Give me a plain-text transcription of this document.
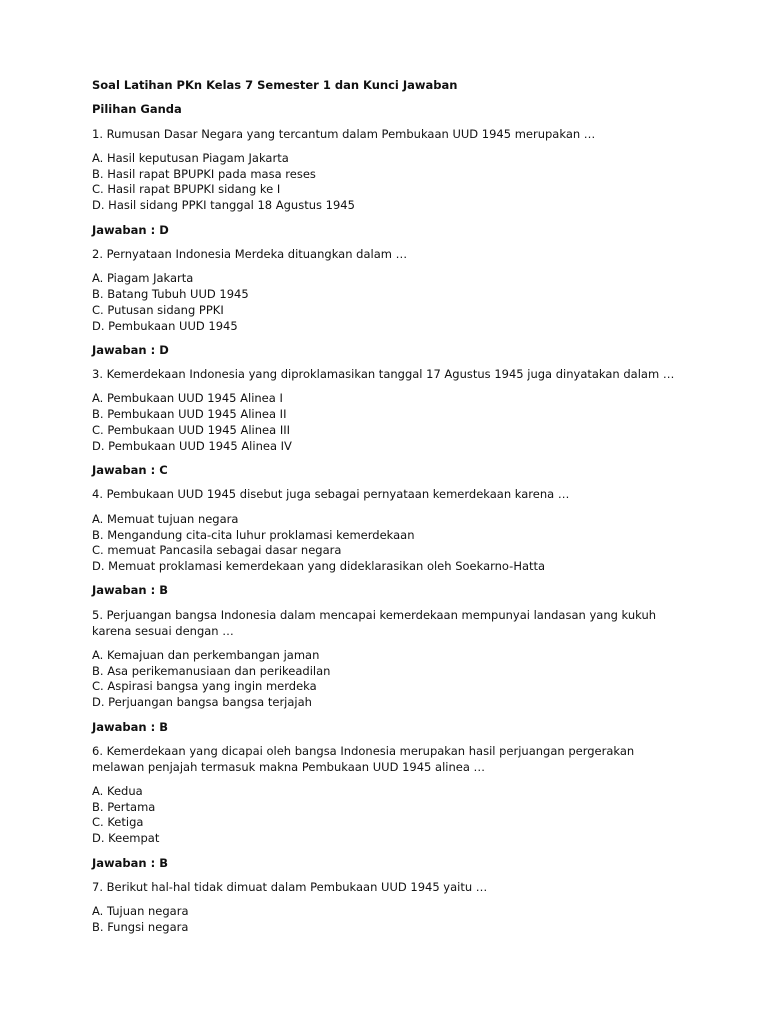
Soal Latihan PKn Kelas 7 Semester 1 dan Kunci Jawaban
Pilihan Ganda
1. Rumusan Dasar Negara yang tercantum dalam Pembukaan UUD 1945 merupakan …
A. Hasil keputusan Piagam Jakarta
B. Hasil rapat BPUPKI pada masa reses
C. Hasil rapat BPUPKI sidang ke I
D. Hasil sidang PPKI tanggal 18 Agustus 1945
Jawaban : D
2. Pernyataan Indonesia Merdeka dituangkan dalam …
A. Piagam Jakarta
B. Batang Tubuh UUD 1945
C. Putusan sidang PPKI
D. Pembukaan UUD 1945
Jawaban : D
3. Kemerdekaan Indonesia yang diproklamasikan tanggal 17 Agustus 1945 juga dinyatakan dalam …
A. Pembukaan UUD 1945 Alinea I
B. Pembukaan UUD 1945 Alinea II
C. Pembukaan UUD 1945 Alinea III
D. Pembukaan UUD 1945 Alinea IV
Jawaban : C
4. Pembukaan UUD 1945 disebut juga sebagai pernyataan kemerdekaan karena …
A. Memuat tujuan negara
B. Mengandung cita-cita luhur proklamasi kemerdekaan
C. memuat Pancasila sebagai dasar negara
D. Memuat proklamasi kemerdekaan yang dideklarasikan oleh Soekarno-Hatta
Jawaban : B
5. Perjuangan bangsa Indonesia dalam mencapai kemerdekaan mempunyai landasan yang kukuh
karena sesuai dengan …
A. Kemajuan dan perkembangan jaman
B. Asa perikemanusiaan dan perikeadilan
C. Aspirasi bangsa yang ingin merdeka
D. Perjuangan bangsa bangsa terjajah
Jawaban : B
6. Kemerdekaan yang dicapai oleh bangsa Indonesia merupakan hasil perjuangan pergerakan
melawan penjajah termasuk makna Pembukaan UUD 1945 alinea …
A. Kedua
B. Pertama
C. Ketiga
D. Keempat
Jawaban : B
7. Berikut hal-hal tidak dimuat dalam Pembukaan UUD 1945 yaitu …
A. Tujuan negara
B. Fungsi negara
